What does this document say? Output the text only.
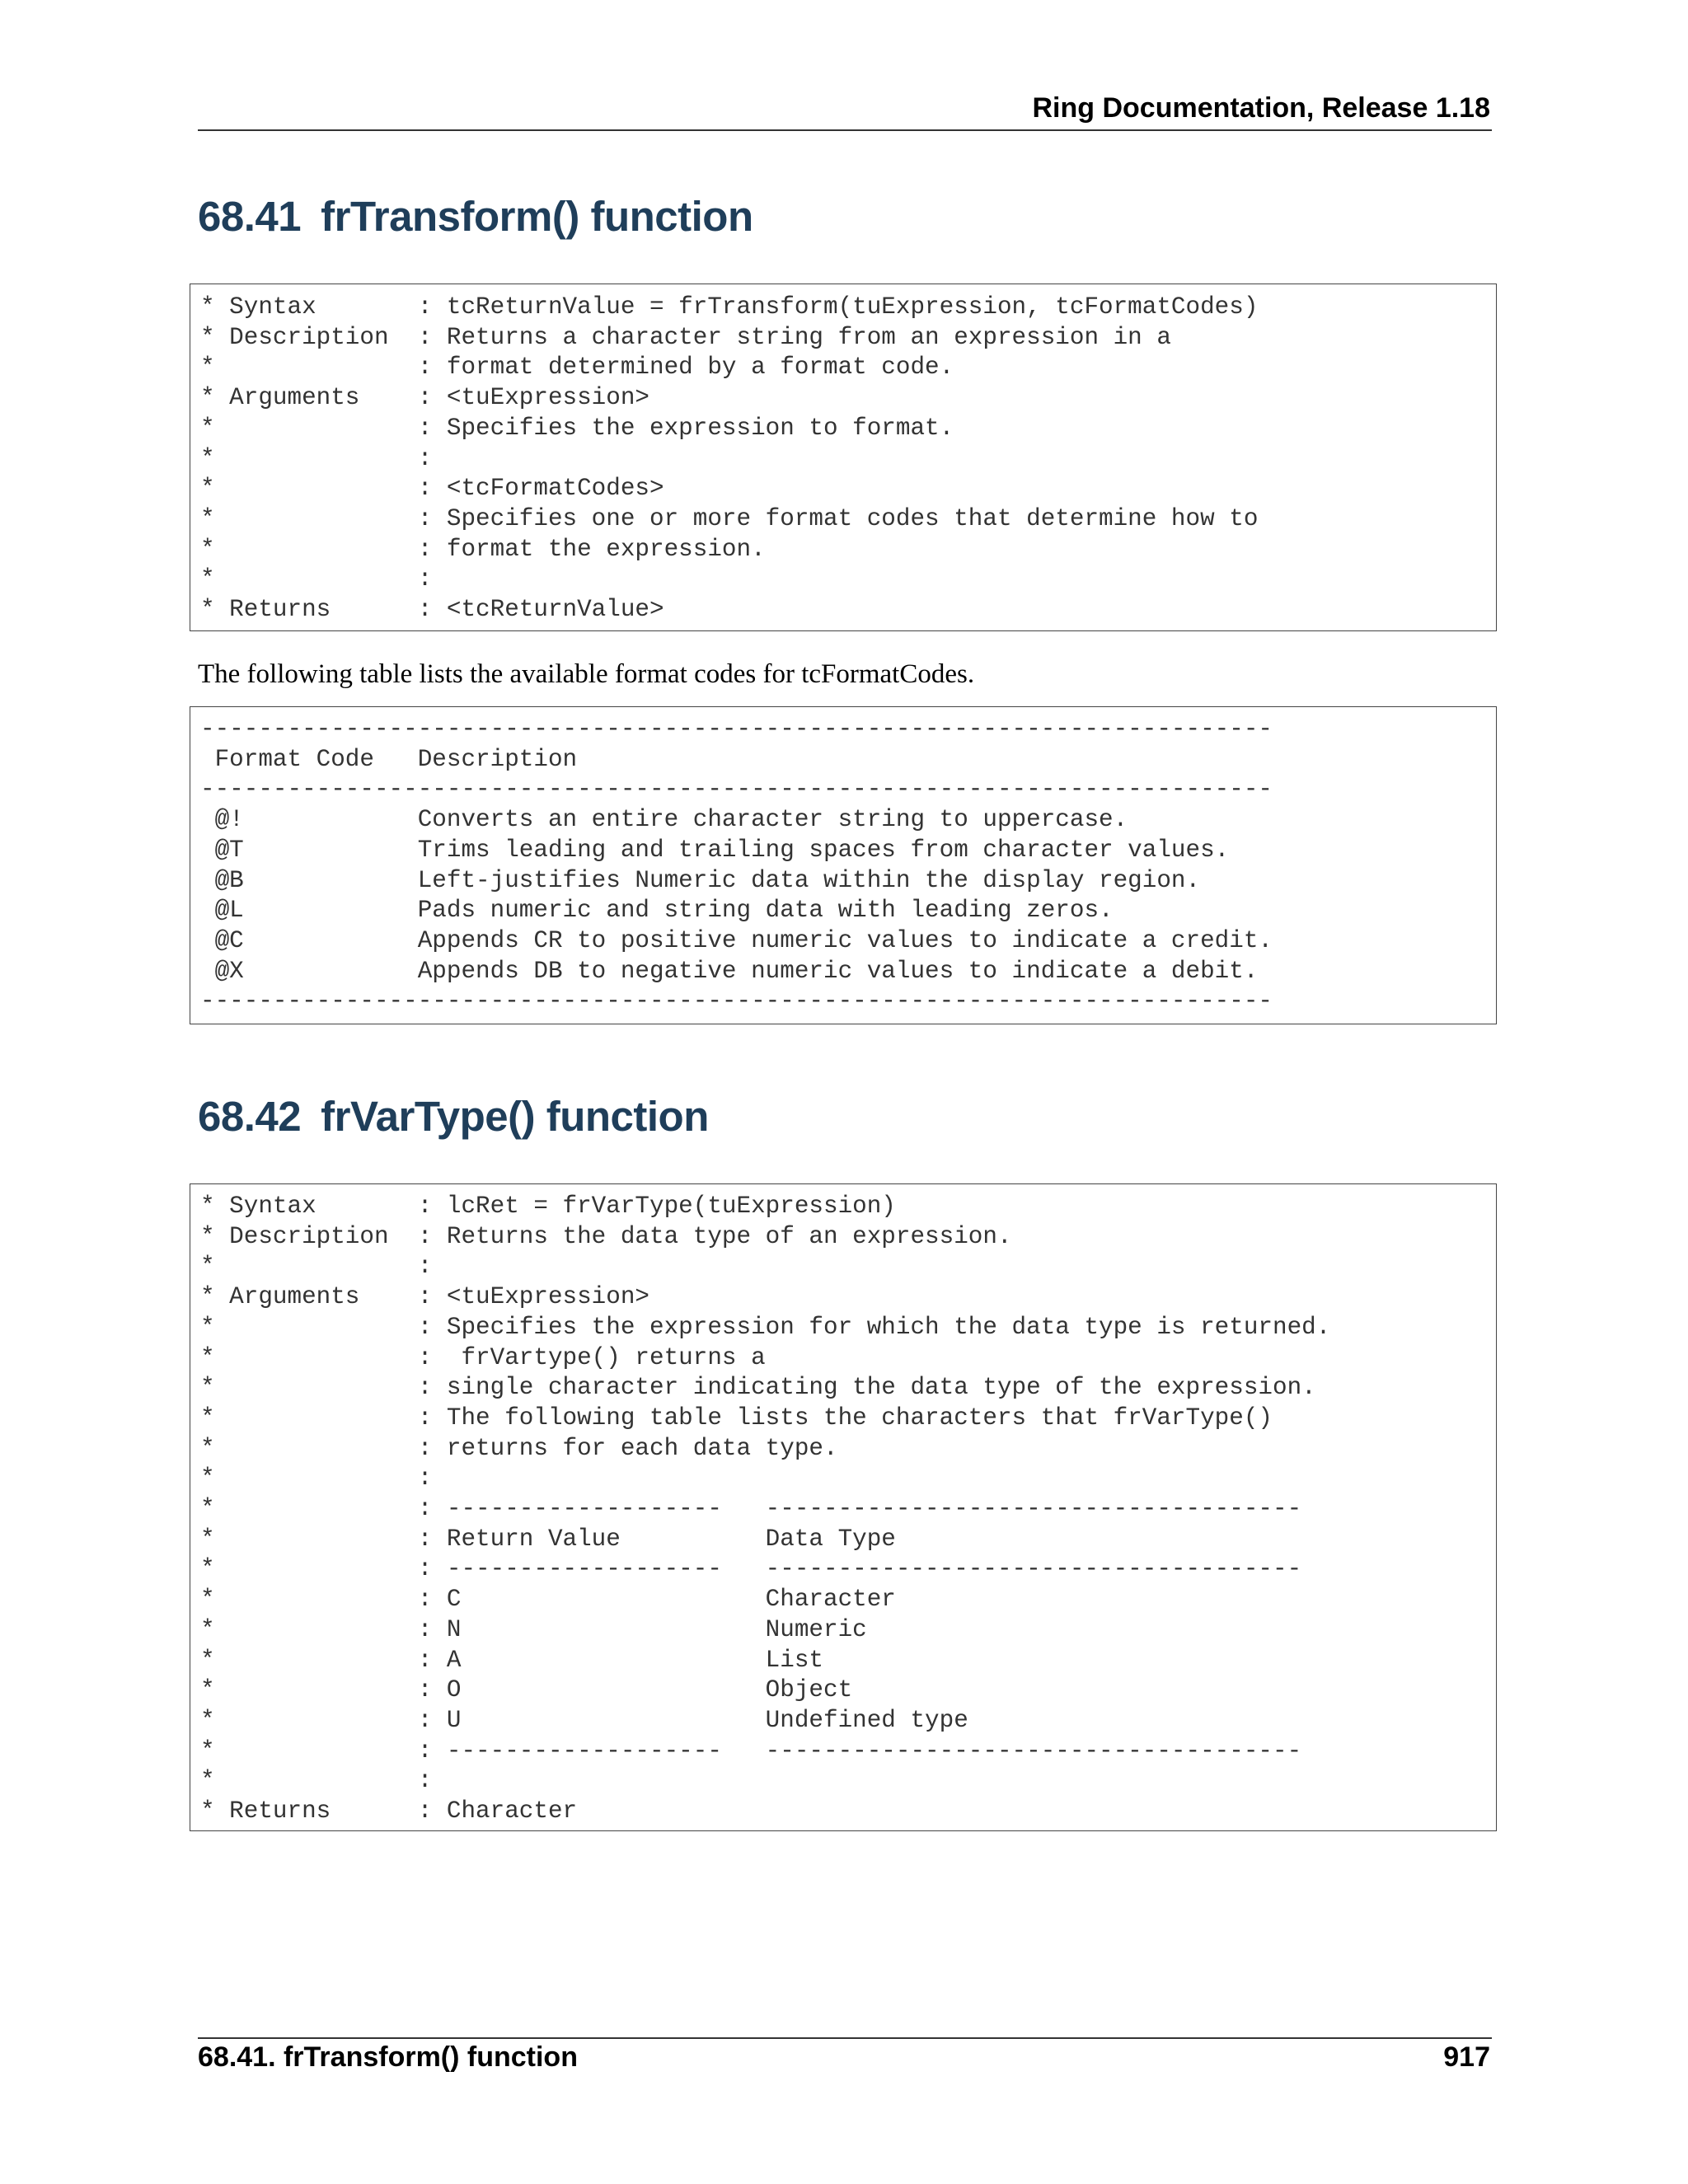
Ring Documentation, Release 1.18
68.41 frTransform() function
* Syntax       : tcReturnValue = frTransform(tuExpression, tcFormatCodes)
* Description  : Returns a character string from an expression in a
*              : format determined by a format code.
* Arguments    : <tuExpression>
*              : Specifies the expression to format.
*              :
*              : <tcFormatCodes>
*              : Specifies one or more format codes that determine how to
*              : format the expression.
*              :
* Returns      : <tcReturnValue>
The following table lists the available format codes for tcFormatCodes.
--------------------------------------------------------------------------
Format Code   Description
--------------------------------------------------------------------------
@!            Converts an entire character string to uppercase.
@T            Trims leading and trailing spaces from character values.
@B            Left-justifies Numeric data within the display region.
@L            Pads numeric and string data with leading zeros.
@C            Appends CR to positive numeric values to indicate a credit.
@X            Appends DB to negative numeric values to indicate a debit.
--------------------------------------------------------------------------
68.42 frVarType() function
* Syntax       : lcRet = frVarType(tuExpression)
* Description  : Returns the data type of an expression.
*              :
* Arguments    : <tuExpression>
*              : Specifies the expression for which the data type is returned.
*              :  frVartype() returns a
*              : single character indicating the data type of the expression.
*              : The following table lists the characters that frVarType()
*              : returns for each data type.
*              :
*              : -------------------   -------------------------------------
*              : Return Value          Data Type
*              : -------------------   -------------------------------------
*              : C                     Character
*              : N                     Numeric
*              : A                     List
*              : O                     Object
*              : U                     Undefined type
*              : -------------------   -------------------------------------
*              :
* Returns      : Character
68.41. frTransform() function	917
